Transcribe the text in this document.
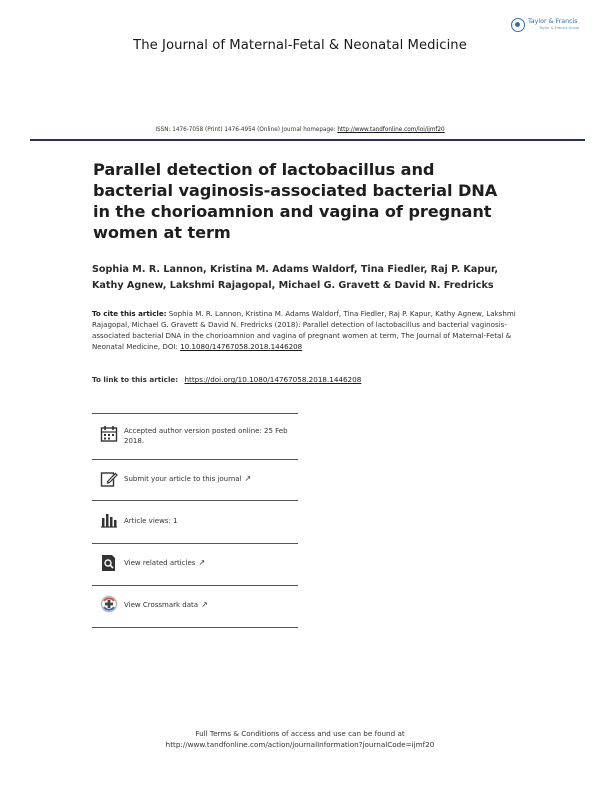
Taylor & Francis
Taylor & Francis Group
The Journal of Maternal-Fetal & Neonatal Medicine
ISSN: 1476-7058 (Print) 1476-4954 (Online) Journal homepage: http://www.tandfonline.com/loi/ijmf20
Parallel detection of lactobacillus and bacterial vaginosis-associated bacterial DNA in the chorioamnion and vagina of pregnant women at term
Sophia M. R. Lannon, Kristina M. Adams Waldorf, Tina Fiedler, Raj P. Kapur, Kathy Agnew, Lakshmi Rajagopal, Michael G. Gravett & David N. Fredricks
To cite this article: Sophia M. R. Lannon, Kristina M. Adams Waldorf, Tina Fiedler, Raj P. Kapur, Kathy Agnew, Lakshmi Rajagopal, Michael G. Gravett & David N. Fredricks (2018): Parallel detection of lactobacillus and bacterial vaginosis-associated bacterial DNA in the chorioamnion and vagina of pregnant women at term, The Journal of Maternal-Fetal & Neonatal Medicine, DOI: 10.1080/14767058.2018.1446208
To link to this article: https://doi.org/10.1080/14767058.2018.1446208
Accepted author version posted online: 25 Feb 2018.
Submit your article to this journal ↗
Article views: 1
View related articles ↗
View Crossmark data ↗
Full Terms & Conditions of access and use can be found at
http://www.tandfonline.com/action/journalInformation?journalCode=ijmf20
